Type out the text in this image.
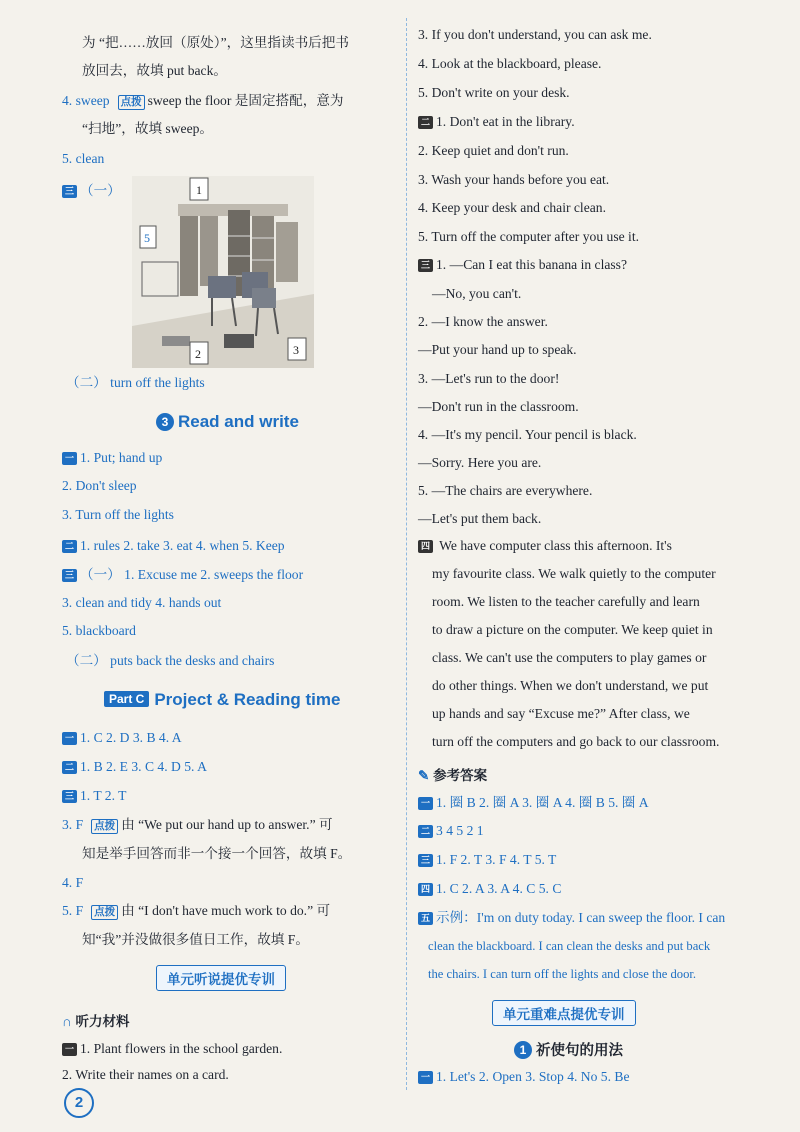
为 “把……放回（原处）”，这里指读书后把书
放回去，故填 put back。
4. sweep 点拨 sweep the floor 是固定搭配，意为
“扫地”，故填 sweep。
5. clean
三 （一）	1
2	3
5
（二） turn off the lights
3 Read and write
一 1. Put; hand up
2. Don't sleep
3. Turn off the lights
二 1. rules 2. take 3. eat 4. when 5. Keep
三 （一） 1. Excuse me 2. sweeps the floor
3. clean and tidy 4. hands out
5. blackboard
（二） puts back the desks and chairs
Part C Project & Reading time
一 1. C 2. D 3. B 4. A
二 1. B 2. E 3. C 4. D 5. A
三 1. T 2. T
3. F 点拨 由 “We put our hand up to answer.” 可
知是举手回答而非一个接一个回答，故填 F。
4. F
5. F 点拨 由 “I don't have much work to do.” 可
知“我”并没做很多值日工作，故填 F。
单元听说提优专训
∩ 听力材料
一 1. Plant flowers in the school garden.
2. Write their names on a card.
2
3. If you don't understand, you can ask me.
4. Look at the blackboard, please.
5. Don't write on your desk.
二 1. Don't eat in the library.
2. Keep quiet and don't run.
3. Wash your hands before you eat.
4. Keep your desk and chair clean.
5. Turn off the computer after you use it.
三 1. —Can I eat this banana in class?
—No, you can't.
2. —I know the answer.
—Put your hand up to speak.
3. —Let's run to the door!
—Don't run in the classroom.
4. —It's my pencil. Your pencil is black.
—Sorry. Here you are.
5. —The chairs are everywhere.
—Let's put them back.
四 We have computer class this afternoon. It's
my favourite class. We walk quietly to the computer
room. We listen to the teacher carefully and learn
to draw a picture on the computer. We keep quiet in
class. We can't use the computers to play games or
do other things. When we don't understand, we put
up hands and say “Excuse me?” After class, we
turn off the computers and go back to our classroom.
✎ 参考答案
一 1. 圈 B 2. 圈 A 3. 圈 A 4. 圈 B 5. 圈 A
二 3 4 5 2 1
三 1. F 2. T 3. F 4. T 5. T
四 1. C 2. A 3. A 4. C 5. C
五 示例：I'm on duty today. I can sweep the floor. I can
clean the blackboard. I can clean the desks and put back
the chairs. I can turn off the lights and close the door.
单元重难点提优专训
1 祈使句的用法
一 1. Let's 2. Open 3. Stop 4. No 5. Be
